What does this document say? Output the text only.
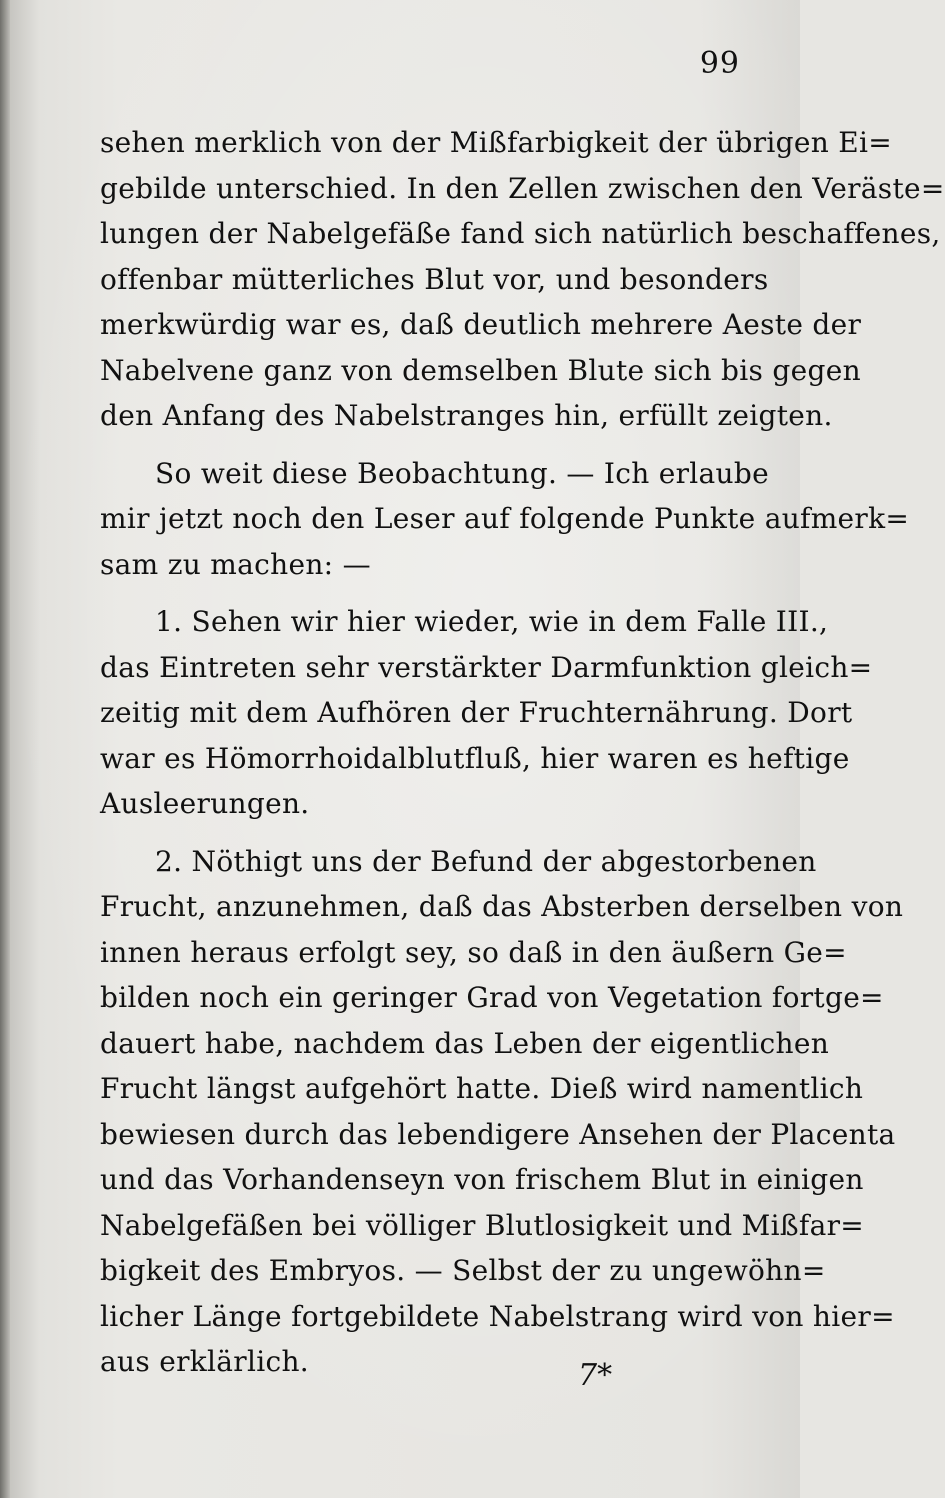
99
sehen merklich von der Mißfarbigkeit der übrigen Ei=
gebilde unterschied. In den Zellen zwischen den Veräste=
lungen der Nabelgefäße fand sich natürlich beschaffenes,
offenbar mütterliches Blut vor, und besonders
merkwürdig war es, daß deutlich mehrere Aeste der
Nabelvene ganz von demselben Blute sich bis gegen
den Anfang des Nabelstranges hin, erfüllt zeigten.
So weit diese Beobachtung. — Ich erlaube
mir jetzt noch den Leser auf folgende Punkte aufmerk=
sam zu machen: —
1. Sehen wir hier wieder, wie in dem Falle III.,
das Eintreten sehr verstärkter Darmfunktion gleich=
zeitig mit dem Aufhören der Fruchternährung. Dort
war es Hömorrhoidalblutfluß, hier waren es heftige
Ausleerungen.
2. Nöthigt uns der Befund der abgestorbenen
Frucht, anzunehmen, daß das Absterben derselben von
innen heraus erfolgt sey, so daß in den äußern Ge=
bilden noch ein geringer Grad von Vegetation fortge=
dauert habe, nachdem das Leben der eigentlichen
Frucht längst aufgehört hatte. Dieß wird namentlich
bewiesen durch das lebendigere Ansehen der Placenta
und das Vorhandenseyn von frischem Blut in einigen
Nabelgefäßen bei völliger Blutlosigkeit und Mißfar=
bigkeit des Embryos. — Selbst der zu ungewöhn=
licher Länge fortgebildete Nabelstrang wird von hier=
aus erklärlich.	7*
